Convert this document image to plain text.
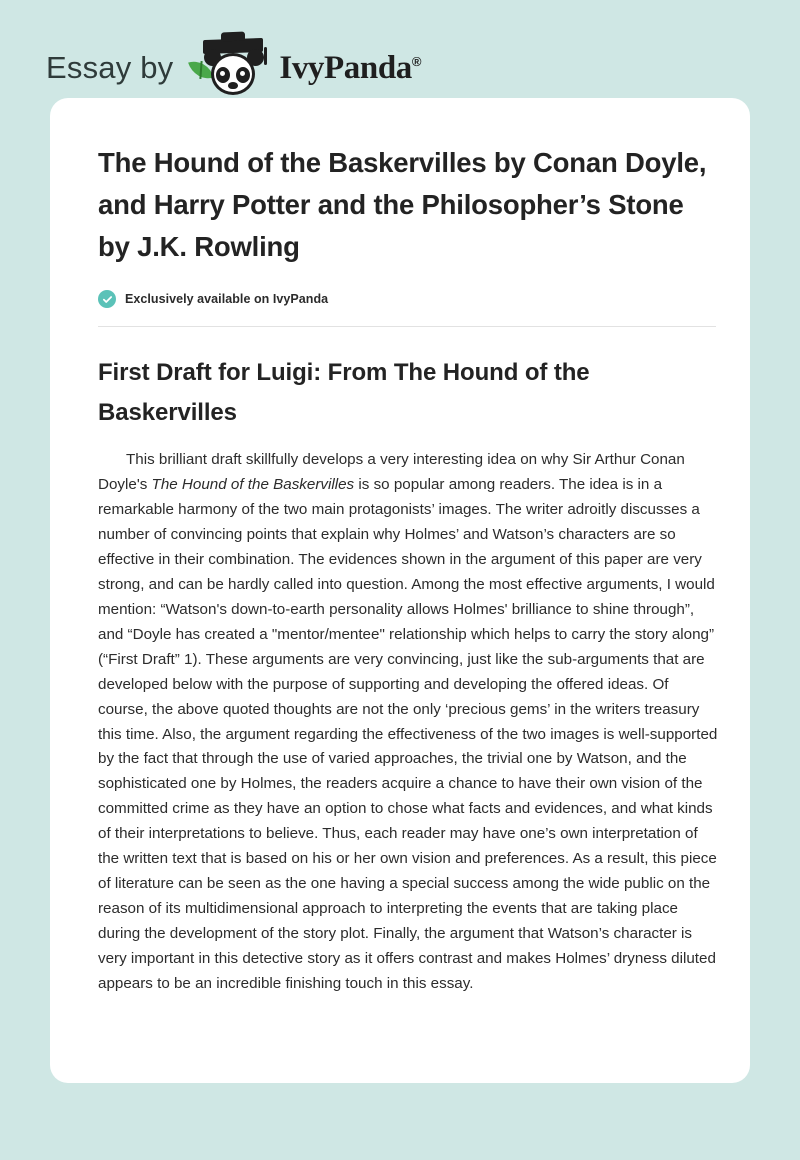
Essay by	IvyPanda®
The Hound of the Baskervilles by Conan Doyle, and Harry Potter and the Philosopher’s Stone by J.K. Rowling
Exclusively available on IvyPanda
First Draft for Luigi: From The Hound of the Baskervilles

This brilliant draft skillfully develops a very interesting idea on why Sir Arthur Conan Doyle's The Hound of the Baskervilles is so popular among readers. The idea is in a remarkable harmony of the two main protagonists’ images. The writer adroitly discusses a number of convincing points that explain why Holmes’ and Watson’s characters are so effective in their combination. The evidences shown in the argument of this paper are very strong, and can be hardly called into question. Among the most effective arguments, I would mention: “Watson's down-to-earth personality allows Holmes' brilliance to shine through”, and “Doyle has created a "mentor/mentee" relationship which helps to carry the story along” (“First Draft” 1). These arguments are very convincing, just like the sub-arguments that are developed below with the purpose of supporting and developing the offered ideas. Of course, the above quoted thoughts are not the only ‘precious gems’ in the writers treasury this time. Also, the argument regarding the effectiveness of the two images is well-supported by the fact that through the use of varied approaches, the trivial one by Watson, and the sophisticated one by Holmes, the readers acquire a chance to have their own vision of the committed crime as they have an option to chose what facts and evidences, and what kinds of their interpretations to believe. Thus, each reader may have one’s own interpretation of the written text that is based on his or her own vision and preferences. As a result, this piece of literature can be seen as the one having a special success among the wide public on the reason of its multidimensional approach to interpreting the events that are taking place during the development of the story plot. Finally, the argument that Watson’s character is very important in this detective story as it offers contrast and makes Holmes’ dryness diluted appears to be an incredible finishing touch in this essay.
